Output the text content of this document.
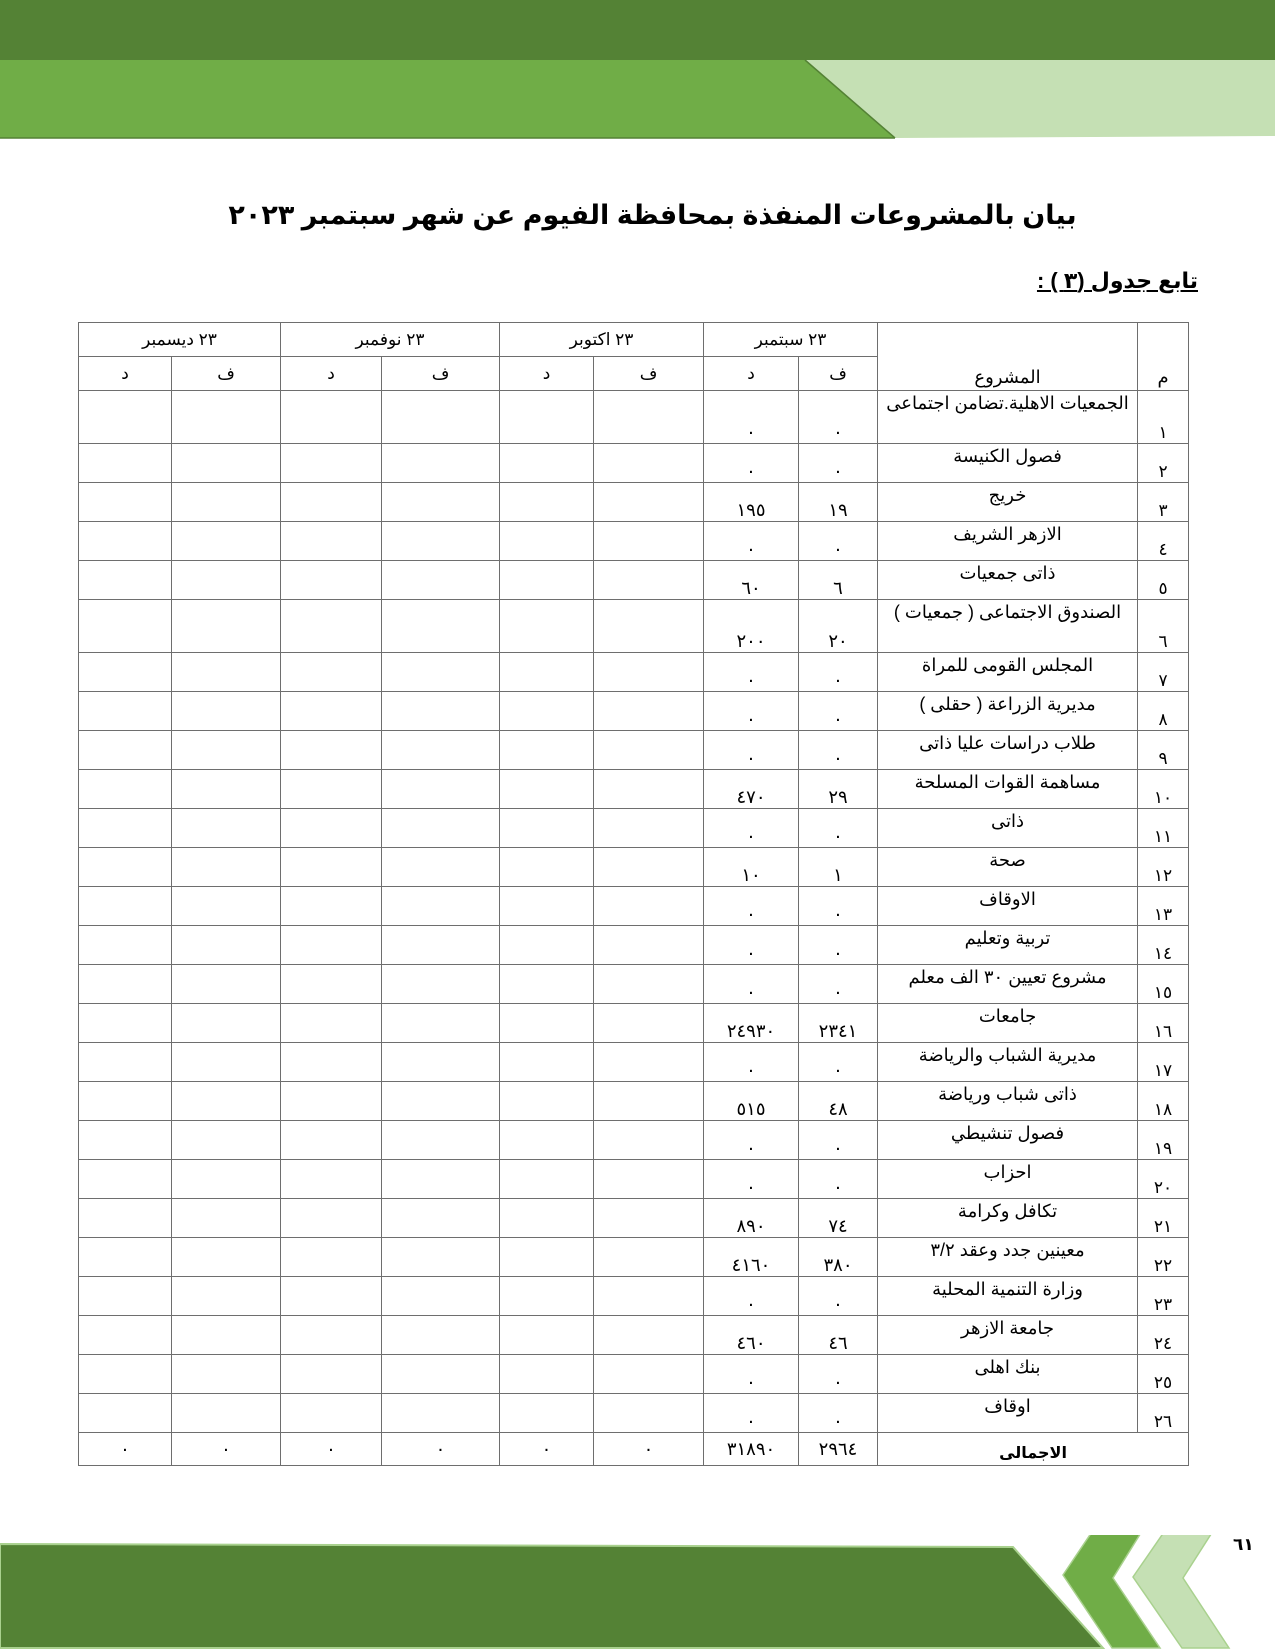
بيان بالمشروعات المنفذة بمحافظة الفيوم عن شهر سبتمبر ٢٠٢٣
تابع جدول (٣ ) :
م	المشروع	٢٣ سبتمبر		٢٣ اكتوبر		٢٣ نوفمبر		٢٣ ديسمبر	
		ف	د	ف	د	ف	د	ف	د
١	الجمعيات الاهلية.تضامن اجتماعى	٠	٠						
٢	فصول الكنيسة	٠	٠						
٣	خريج	١٩	١٩٥						
٤	الازهر الشريف	٠	٠						
٥	ذاتى جمعيات	٦	٦٠						
٦	الصندوق الاجتماعى ( جمعيات )	٢٠	٢٠٠						
٧	المجلس القومى للمراة	٠	٠						
٨	مديرية الزراعة ( حقلى )	٠	٠						
٩	طلاب دراسات عليا ذاتى	٠	٠						
١٠	مساهمة القوات المسلحة	٢٩	٤٧٠						
١١	ذاتى	٠	٠						
١٢	صحة	١	١٠						
١٣	الاوقاف	٠	٠						
١٤	تربية وتعليم	٠	٠						
١٥	مشروع تعيين ٣٠ الف معلم	٠	٠						
١٦	جامعات	٢٣٤١	٢٤٩٣٠						
١٧	مديرية الشباب والرياضة	٠	٠						
١٨	ذاتى شباب ورياضة	٤٨	٥١٥						
١٩	فصول تنشيطي	٠	٠						
٢٠	احزاب	٠	٠						
٢١	تكافل وكرامة	٧٤	٨٩٠						
٢٢	معينين جدد وعقد ٣/٢	٣٨٠	٤١٦٠						
٢٣	وزارة التنمية المحلية	٠	٠						
٢٤	جامعة الازهر	٤٦	٤٦٠						
٢٥	بنك اهلى	٠	٠						
٢٦	اوقاف	٠	٠						
الاجمالى		٢٩٦٤	٣١٨٩٠	٠	٠	٠	٠	٠	٠
٦١
